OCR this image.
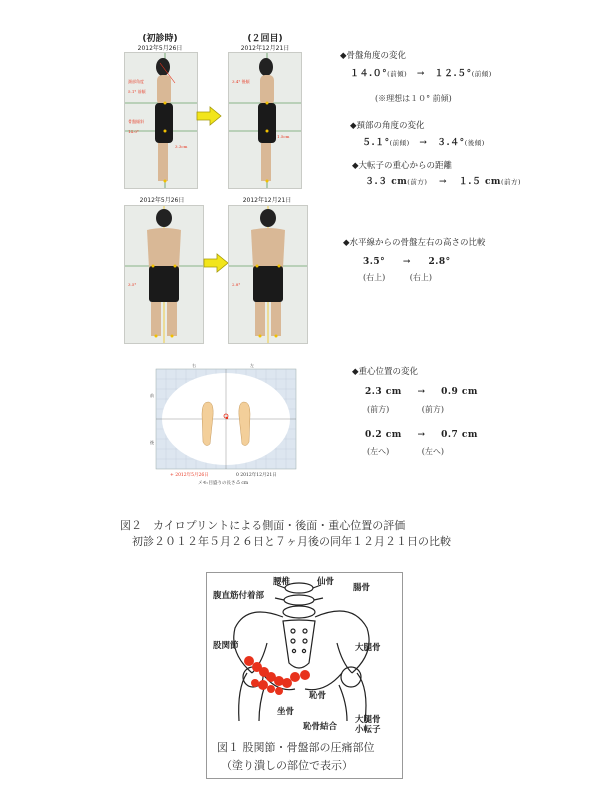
(初診時)	(２回目)
2012年5月26日	2012年12月21日
頚部角度
5.1° 前傾
骨盤傾斜
14.0°
3.3cm
3.4° 後傾
1.5cm
2012年5月26日	2012年12月21日
3.5°	2.8°
右	左
前
後
+ 2012年5月26日	0 2012年12月21日
メモ:目盛りの長さ:5 cm
◆骨盤角度の変化
１４.０°(前傾) → １２.５°(前傾)
(※理想は１０° 前傾)
◆頚部の角度の変化
５.１°(前傾) → ３.４°(後傾)
◆大転子の重心からの距離
３.３ cm(前方) → １.５ cm(前方)
◆水平線からの骨盤左右の高さの比較
3.5° → 2.8°
(右上)	(右上)
◆重心位置の変化
2.3 cm → 0.9 cm
(前方)	(前方)
0.2 cm → 0.7 cm
(左へ)	(左へ)
図２　カイロプリントによる側面・後面・重心位置の評価
初診２０１２年５月２６日と７ヶ月後の同年１２月２１日の比較
腰椎	仙骨
腸骨
腹直筋付着部
股関節	大腿骨
恥骨
坐骨
恥骨結合
大腿骨
小転子
図１ 股関節・骨盤部の圧痛部位
（塗り潰しの部位で表示）
